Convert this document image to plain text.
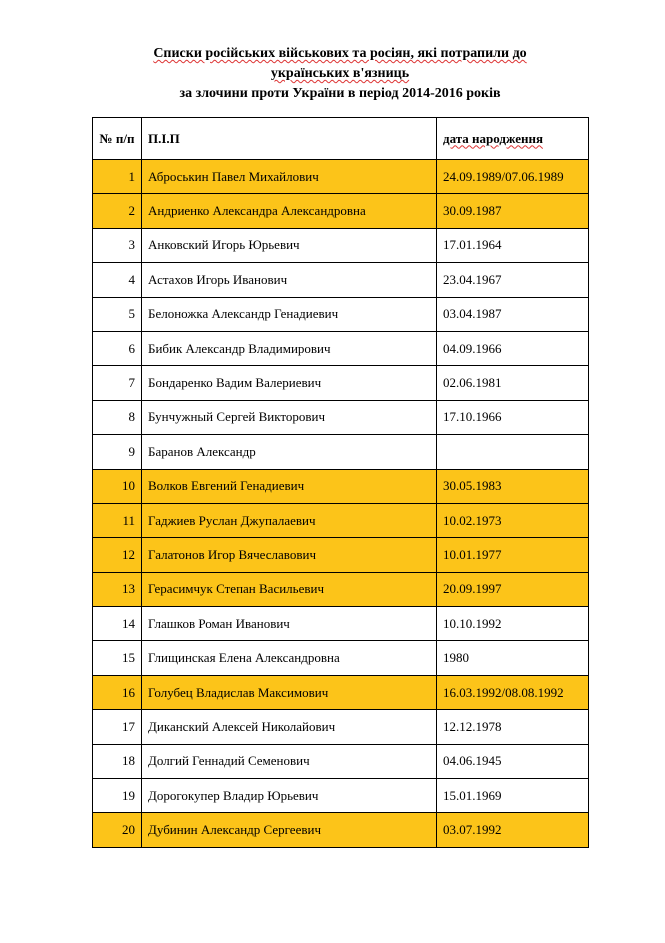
Списки російських військових та росіян, які потрапили до
українських в'язниць
за злочини проти України в період 2014-2016 років
№ п/п	П.І.П	дата народження
1	Аброськин Павел Михайлович	24.09.1989/07.06.1989
2	Андриенко Александра Александровна	30.09.1987
3	Анковский Игорь Юрьевич	17.01.1964
4	Астахов Игорь Иванович	23.04.1967
5	Белоножка Александр Генадиевич	03.04.1987
6	Бибик Александр Владимирович	04.09.1966
7	Бондаренко Вадим Валериевич	02.06.1981
8	Бунчужный Сергей Викторович	17.10.1966
9	Баранов Александр	
10	Волков Евгений Генадиевич	30.05.1983
11	Гаджиев Руслан Джупалаевич	10.02.1973
12	Галатонов Игор Вячеславович	10.01.1977
13	Герасимчук Степан Васильевич	20.09.1997
14	Глашков Роман Иванович	10.10.1992
15	Глищинская Елена Александровна	1980
16	Голубец Владислав Максимович	16.03.1992/08.08.1992
17	Диканский Алексей Николайович	12.12.1978
18	Долгий Геннадий Семенович	04.06.1945
19	Дорогокупер Владир Юрьевич	15.01.1969
20	Дубинин Александр Сергеевич	03.07.1992
